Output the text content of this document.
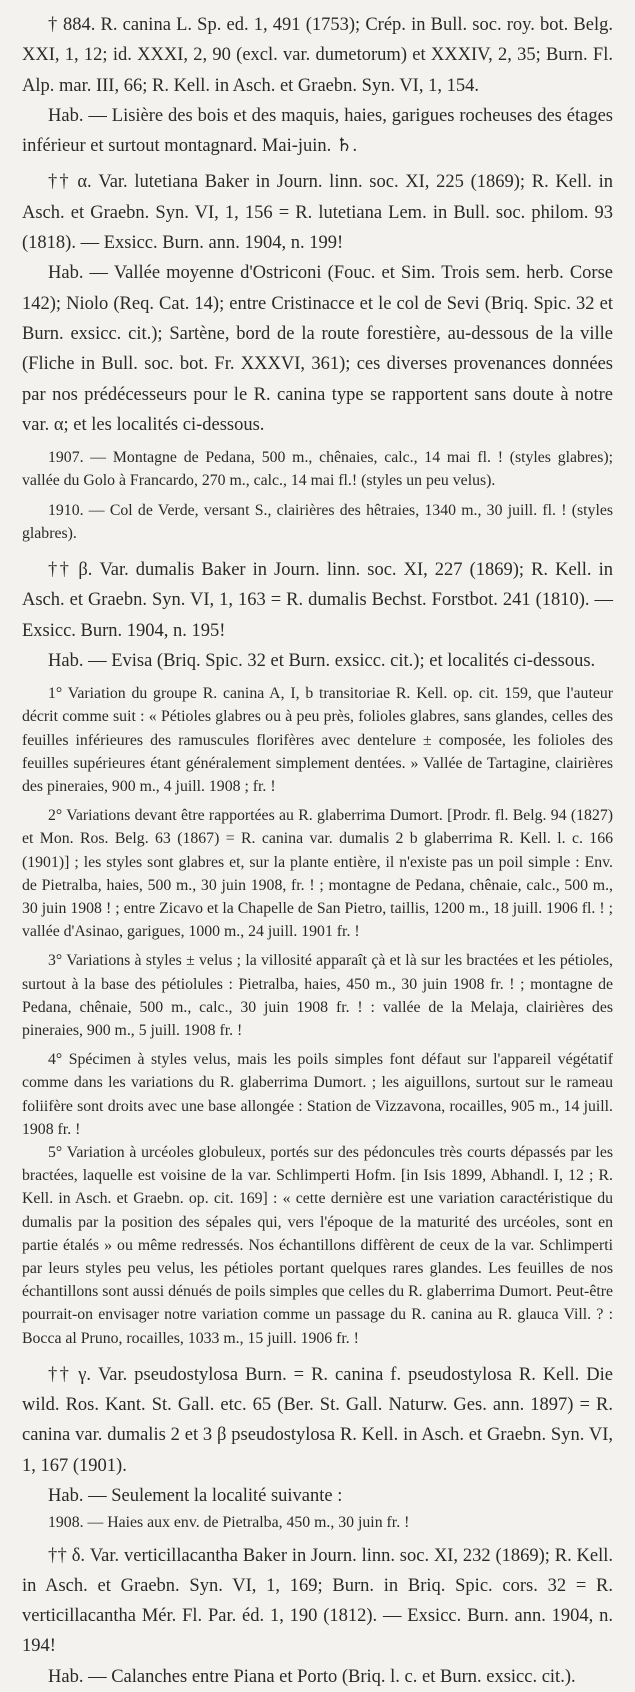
† 884. R. canina L. Sp. ed. 1, 491 (1753); Crép. in Bull. soc. roy. bot. Belg. XXI, 1, 12; id. XXXI, 2, 90 (excl. var. dumetorum) et XXXIV, 2, 35; Burn. Fl. Alp. mar. III, 66; R. Kell. in Asch. et Graebn. Syn. VI, 1, 154.

Hab. — Lisière des bois et des maquis, haies, garigues rocheuses des étages inférieur et surtout montagnard. Mai-juin. ♄.

†† α. Var. lutetiana Baker in Journ. linn. soc. XI, 225 (1869); R. Kell. in Asch. et Graebn. Syn. VI, 1, 156 = R. lutetiana Lem. in Bull. soc. philom. 93 (1818). — Exsicc. Burn. ann. 1904, n. 199!

Hab. — Vallée moyenne d'Ostriconi (Fouc. et Sim. Trois sem. herb. Corse 142); Niolo (Req. Cat. 14); entre Cristinacce et le col de Sevi (Briq. Spic. 32 et Burn. exsicc. cit.); Sartène, bord de la route forestière, au-dessous de la ville (Fliche in Bull. soc. bot. Fr. XXXVI, 361); ces diverses provenances données par nos prédécesseurs pour le R. canina type se rapportent sans doute à notre var. α; et les localités ci-dessous.

1907. — Montagne de Pedana, 500 m., chênaies, calc., 14 mai fl. ! (styles glabres); vallée du Golo à Francardo, 270 m., calc., 14 mai fl.! (styles un peu velus).

1910. — Col de Verde, versant S., clairières des hêtraies, 1340 m., 30 juill. fl. ! (styles glabres).

†† β. Var. dumalis Baker in Journ. linn. soc. XI, 227 (1869); R. Kell. in Asch. et Graebn. Syn. VI, 1, 163 = R. dumalis Bechst. Forstbot. 241 (1810). — Exsicc. Burn. 1904, n. 195!

Hab. — Evisa (Briq. Spic. 32 et Burn. exsicc. cit.); et localités ci-dessous.

1° Variation du groupe R. canina A, I, b transitoriae R. Kell. op. cit. 159, que l'auteur décrit comme suit : « Pétioles glabres ou à peu près, folioles glabres, sans glandes, celles des feuilles inférieures des ramuscules florifères avec dentelure ± composée, les folioles des feuilles supérieures étant généralement simplement dentées. » Vallée de Tartagine, clairières des pineraies, 900 m., 4 juill. 1908 ; fr. !

2° Variations devant être rapportées au R. glaberrima Dumort. [Prodr. fl. Belg. 94 (1827) et Mon. Ros. Belg. 63 (1867) = R. canina var. dumalis 2 b glaberrima R. Kell. l. c. 166 (1901)] ; les styles sont glabres et, sur la plante entière, il n'existe pas un poil simple : Env. de Pietralba, haies, 500 m., 30 juin 1908, fr. ! ; montagne de Pedana, chênaie, calc., 500 m., 30 juin 1908 ! ; entre Zicavo et la Chapelle de San Pietro, taillis, 1200 m., 18 juill. 1906 fl. ! ; vallée d'Asinao, garigues, 1000 m., 24 juill. 1901 fr. !

3° Variations à styles ± velus ; la villosité apparaît çà et là sur les bractées et les pétioles, surtout à la base des pétiolules : Pietralba, haies, 450 m., 30 juin 1908 fr. ! ; montagne de Pedana, chênaie, 500 m., calc., 30 juin 1908 fr. ! : vallée de la Melaja, clairières des pineraies, 900 m., 5 juill. 1908 fr. !

4° Spécimen à styles velus, mais les poils simples font défaut sur l'appareil végétatif comme dans les variations du R. glaberrima Dumort. ; les aiguillons, surtout sur le rameau foliifère sont droits avec une base allongée : Station de Vizzavona, rocailles, 905 m., 14 juill. 1908 fr. !

5° Variation à urcéoles globuleux, portés sur des pédoncules très courts dépassés par les bractées, laquelle est voisine de la var. Schlimperti Hofm. [in Isis 1899, Abhandl. I, 12 ; R. Kell. in Asch. et Graebn. op. cit. 169] : « cette dernière est une variation caractéristique du dumalis par la position des sépales qui, vers l'époque de la maturité des urcéoles, sont en partie étalés » ou même redressés. Nos échantillons diffèrent de ceux de la var. Schlimperti par leurs styles peu velus, les pétioles portant quelques rares glandes. Les feuilles de nos échantillons sont aussi dénués de poils simples que celles du R. glaberrima Dumort. Peut-être pourrait-on envisager notre variation comme un passage du R. canina au R. glauca Vill. ? : Bocca al Pruno, rocailles, 1033 m., 15 juill. 1906 fr. !

†† γ. Var. pseudostylosa Burn. = R. canina f. pseudostylosa R. Kell. Die wild. Ros. Kant. St. Gall. etc. 65 (Ber. St. Gall. Naturw. Ges. ann. 1897) = R. canina var. dumalis 2 et 3 β pseudostylosa R. Kell. in Asch. et Graebn. Syn. VI, 1, 167 (1901).

Hab. — Seulement la localité suivante :

1908. — Haies aux env. de Pietralba, 450 m., 30 juin fr. !

†† δ. Var. verticillacantha Baker in Journ. linn. soc. XI, 232 (1869); R. Kell. in Asch. et Graebn. Syn. VI, 1, 169; Burn. in Briq. Spic. cors. 32 = R. verticillacantha Mér. Fl. Par. éd. 1, 190 (1812). — Exsicc. Burn. ann. 1904, n. 194!

Hab. — Calanches entre Piana et Porto (Briq. l. c. et Burn. exsicc. cit.).
